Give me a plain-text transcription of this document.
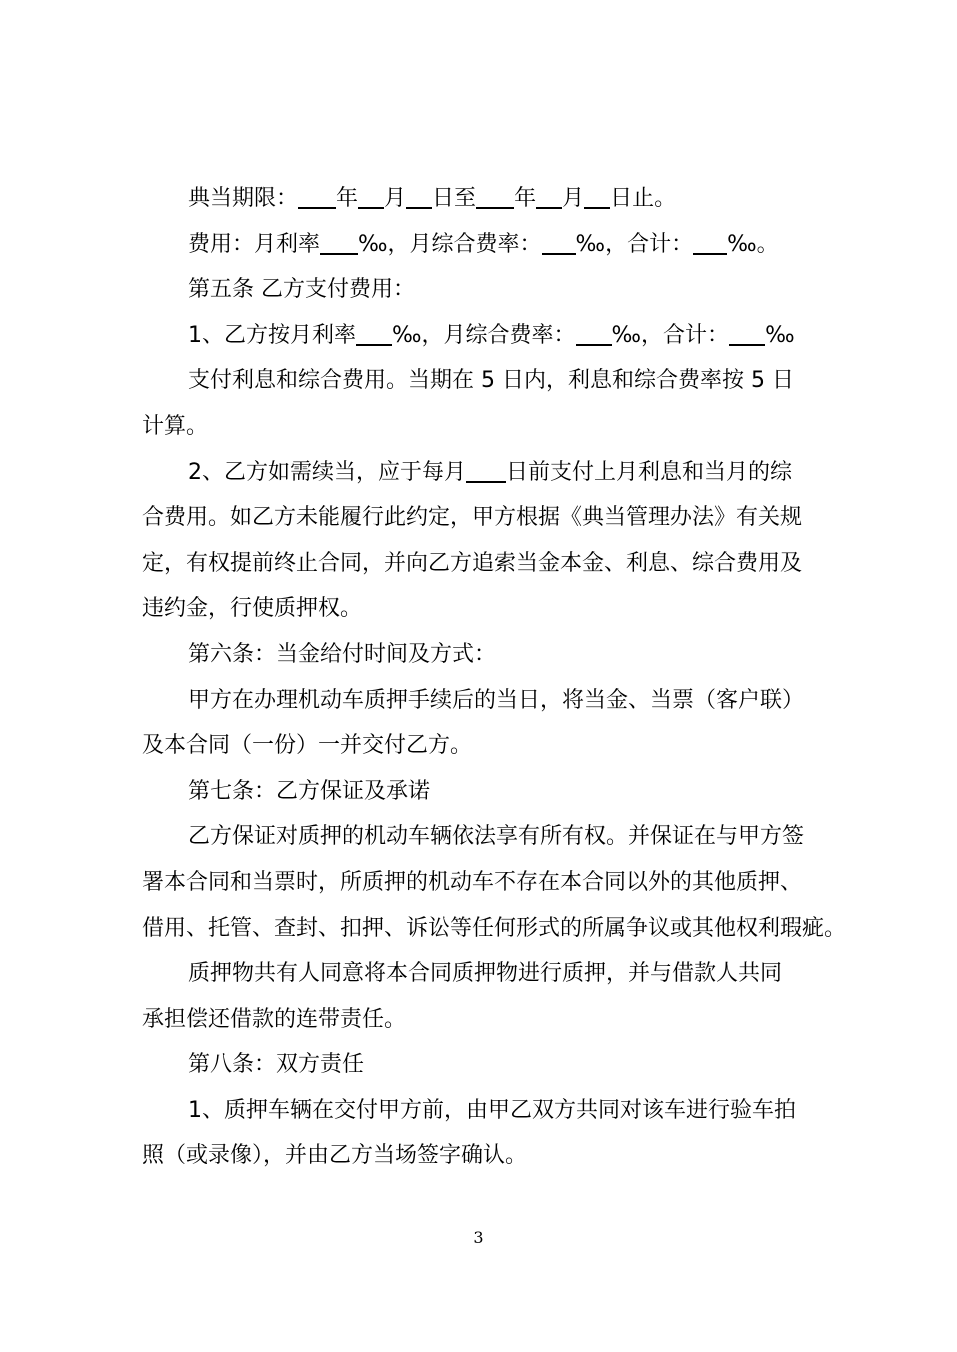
典当期限： 年 月 日至 年 月 日止。
费用：月利率 ‰，月综合费率： ‰，合计： ‰。
第五条 乙方支付费用：
1、乙方按月利率 ‰，月综合费率： ‰，合计： ‰
支付利息和综合费用。当期在 5 日内，利息和综合费率按 5 日
计算。
2、乙方如需续当，应于每月 日前支付上月利息和当月的综
合费用。如乙方未能履行此约定，甲方根据《典当管理办法》有关规
定，有权提前终止合同，并向乙方追索当金本金、利息、综合费用及
违约金，行使质押权。
第六条：当金给付时间及方式：
甲方在办理机动车质押手续后的当日，将当金、当票（客户联）
及本合同（一份）一并交付乙方。
第七条：乙方保证及承诺
乙方保证对质押的机动车辆依法享有所有权。并保证在与甲方签
署本合同和当票时，所质押的机动车不存在本合同以外的其他质押、
借用、托管、查封、扣押、诉讼等任何形式的所属争议或其他权利瑕疵。
质押物共有人同意将本合同质押物进行质押，并与借款人共同
承担偿还借款的连带责任。
第八条：双方责任
1、质押车辆在交付甲方前，由甲乙双方共同对该车进行验车拍
照（或录像），并由乙方当场签字确认。
3
